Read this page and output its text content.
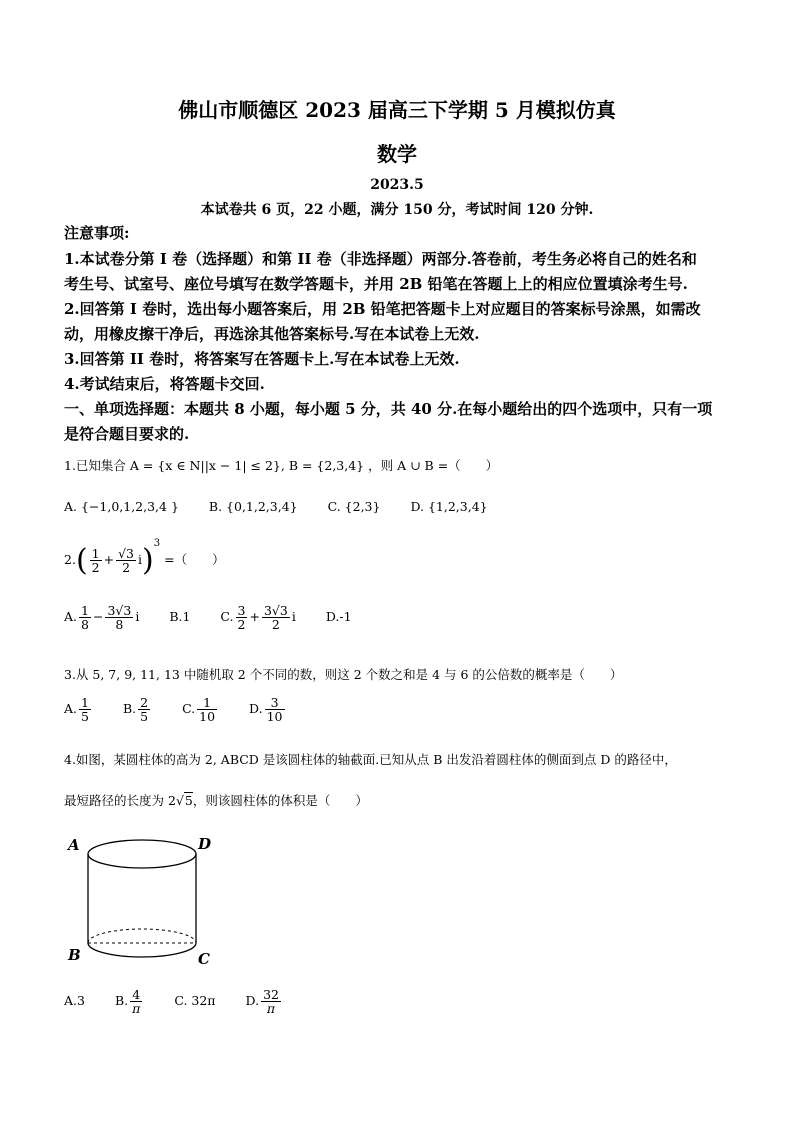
佛山市顺德区 2023 届高三下学期 5 月模拟仿真
数学
2023.5
本试卷共 6 页，22 小题，满分 150 分，考试时间 120 分钟.
注意事项:
1.本试卷分第 I 卷（选择题）和第 II 卷（非选择题）两部分.答卷前，考生务必将自己的姓名和
考生号、试室号、座位号填写在数学答题卡，并用 2B 铅笔在答题上上的相应位置填涂考生号.
2.回答第 I 卷时，选出每小题答案后，用 2B 铅笔把答题卡上对应题目的答案标号涂黑，如需改
动，用橡皮擦干净后，再选涂其他答案标号.写在本试卷上无效.
3.回答第 II 卷时，将答案写在答题卡上.写在本试卷上无效.
4.考试结束后，将答题卡交回.
一、单项选择题：本题共 8 小题，每小题 5 分，共 40 分.在每小题给出的四个选项中，只有一项
是符合题目要求的.
1.已知集合 A = {x ∈ N||x − 1| ≤ 2}, B = {2,3,4} ，则 A ∪ B =（　　）
A. {−1,0,1,2,3,4 } B. {0,1,2,3,4} C. {2,3} D. {1,2,3,4}
$2.( \frac{1}{2} + \frac{√3}{2} i)^3$ =（　　）
A. $\frac{1}{8} - \frac{3√3}{8}$ i B.1 C. $\frac{3}{2} + \frac{3√3}{2}$ i D.-1
3.从 5, 7, 9, 11, 13 中随机取 2 个不同的数，则这 2 个数之和是 4 与 6 的公倍数的概率是（　　）
A. $\frac{1}{5}$	B. $\frac{2}{5}$	C. $\frac{1}{10}$	D. $\frac{3}{10}$
4.如图，某圆柱体的高为 2, ABCD 是该圆柱体的轴截面.已知从点 B 出发沿着圆柱体的侧面到点 D 的路径中，
最短路径的长度为 2√5，则该圆柱体的体积是（　　）
A	D
B	C
A.3 B. $\frac{4}{\pi}$	C. 32π D. $\frac{32}{\pi}$
